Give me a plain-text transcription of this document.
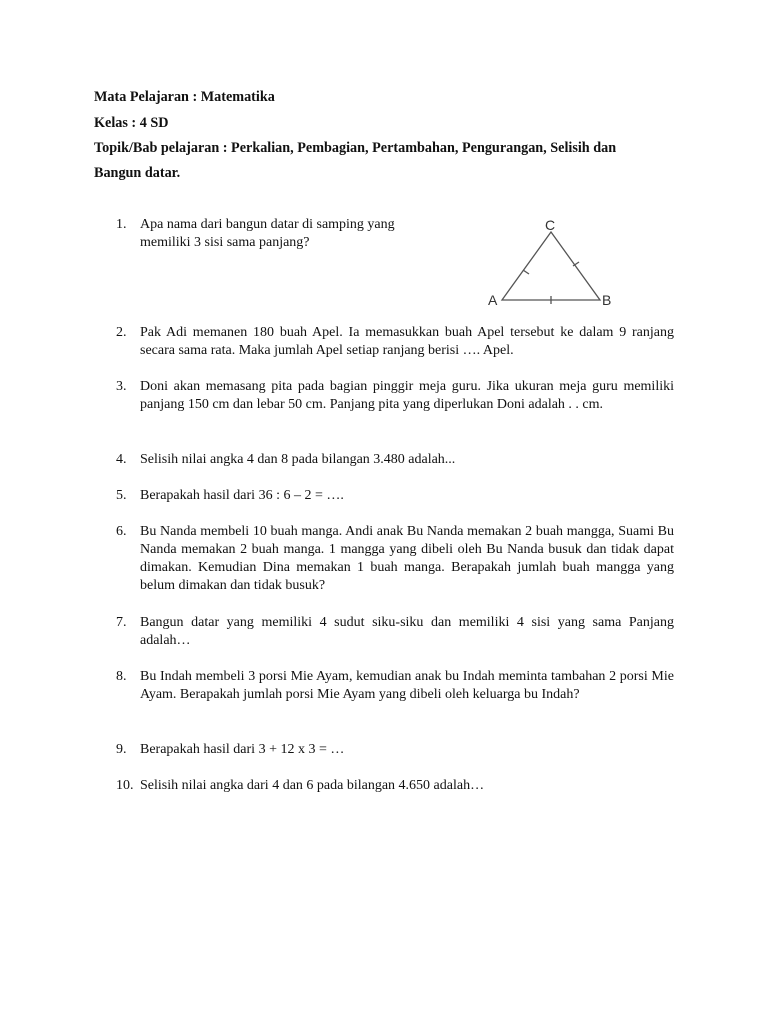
Mata Pelajaran : Matematika
Kelas : 4 SD
Topik/Bab pelajaran : Perkalian, Pembagian, Pertambahan, Pengurangan, Selisih dan
Bangun datar.
1. Apa nama dari bangun datar di samping yang memiliki 3 sisi sama panjang?
C
A	B
2. Pak Adi memanen 180 buah Apel. Ia memasukkan buah Apel tersebut ke dalam 9 ranjang secara sama rata. Maka jumlah Apel setiap ranjang berisi …. Apel.
3. Doni akan memasang pita pada bagian pinggir meja guru. Jika ukuran meja guru memiliki panjang 150 cm dan lebar 50 cm. Panjang pita yang diperlukan Doni adalah . . cm.
4. Selisih nilai angka 4 dan 8 pada bilangan 3.480 adalah...
5. Berapakah hasil dari 36 : 6 – 2 = ….
6. Bu Nanda membeli 10 buah manga. Andi anak Bu Nanda memakan 2 buah mangga, Suami Bu Nanda memakan 2 buah manga. 1 mangga yang dibeli oleh Bu Nanda busuk dan tidak dapat dimakan. Kemudian Dina memakan 1 buah manga. Berapakah jumlah buah mangga yang belum dimakan dan tidak busuk?
7. Bangun datar yang memiliki 4 sudut siku-siku dan memiliki 4 sisi yang sama Panjang adalah…
8. Bu Indah membeli 3 porsi Mie Ayam, kemudian anak bu Indah meminta tambahan 2 porsi Mie Ayam. Berapakah jumlah porsi Mie Ayam yang dibeli oleh keluarga bu Indah?
9. Berapakah hasil dari 3 + 12 x 3 = …
10. Selisih nilai angka dari 4 dan 6 pada bilangan 4.650 adalah…
